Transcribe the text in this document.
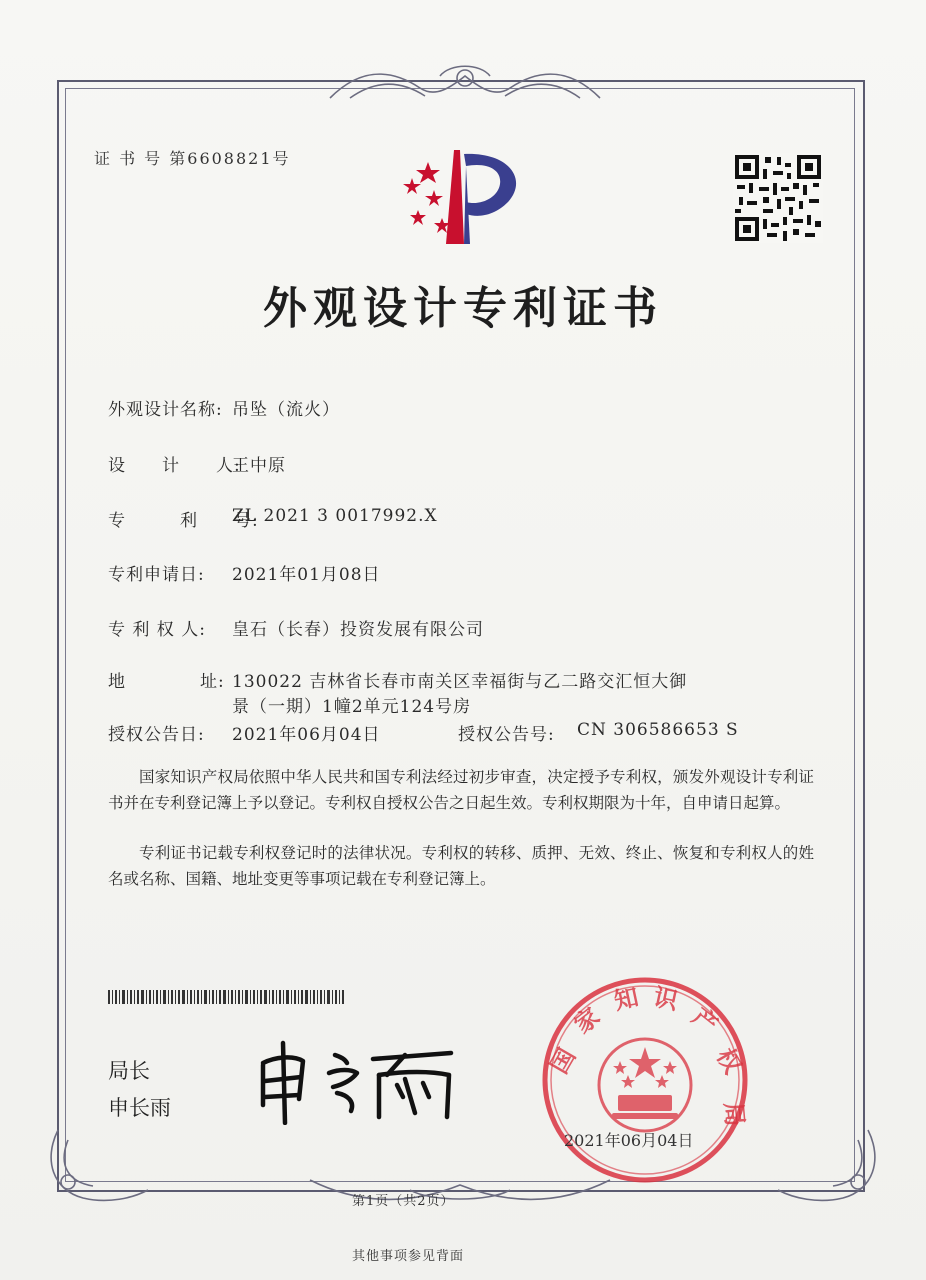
证 书 号 第6608821号
外观设计专利证书
外观设计名称: 吊坠（流火）
设　　计　　人:
王中原
专　　　利　　号:
ZL 2021 3 0017992.X
专利申请日: 2021年01月08日
专 利 权 人: 皇石（长春）投资发展有限公司
地	址: 130022 吉林省长春市南关区幸福街与乙二路交汇恒大御
景（一期）1幢2单元124号房
授权公告日: 2021年06月04日	授权公告号: CN 306586653 S
国家知识产权局依照中华人民共和国专利法经过初步审查，决定授予专利权，颁发外观设计专利证书并在专利登记簿上予以登记。专利权自授权公告之日起生效。专利权期限为十年，自申请日起算。
专利证书记载专利权登记时的法律状况。专利权的转移、质押、无效、终止、恢复和专利权人的姓名或名称、国籍、地址变更等事项记载在专利登记簿上。
局长
申长雨
国
家
知 识
产
权
局
2021年06月04日
第1页（共2页）
其他事项参见背面
